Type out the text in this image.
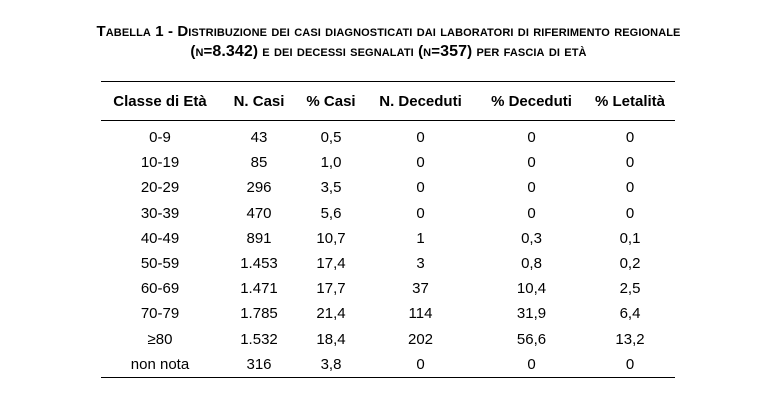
Tabella 1 - Distribuzione dei casi diagnosticati dai laboratori di riferimento regionale
(n=8.342) e dei decessi segnalati (n=357) per fascia di età
Classe di Età	N. Casi	% Casi	N. Deceduti	% Deceduti	% Letalità
0-9	43	0,5	0	0	0
10-19	85	1,0	0	0	0
20-29	296	3,5	0	0	0
30-39	470	5,6	0	0	0
40-49	891	10,7	1	0,3	0,1
50-59	1.453	17,4	3	0,8	0,2
60-69	1.471	17,7	37	10,4	2,5
70-79	1.785	21,4	114	31,9	6,4
≥80	1.532	18,4	202	56,6	13,2
non nota	316	3,8	0	0	0
